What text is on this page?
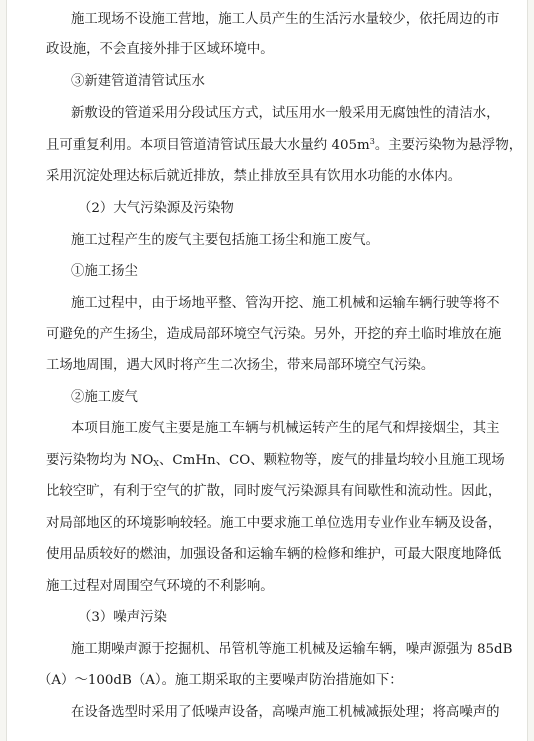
施工现场不设施工营地，施工人员产生的生活污水量较少，依托周边的市
政设施，不会直接外排于区域环境中。
③新建管道清管试压水
新敷设的管道采用分段试压方式，试压用水一般采用无腐蚀性的清洁水，
且可重复利用。本项目管道清管试压最大水量约 $405m^3$。主要污染物为悬浮物，
采用沉淀处理达标后就近排放，禁止排放至具有饮用水功能的水体内。
（2）大气污染源及污染物
施工过程产生的废气主要包括施工扬尘和施工废气。
①施工扬尘
施工过程中，由于场地平整、管沟开挖、施工机械和运输车辆行驶等将不
可避免的产生扬尘，造成局部环境空气污染。另外，开挖的弃土临时堆放在施
工场地周围，遇大风时将产生二次扬尘，带来局部环境空气污染。
②施工废气
本项目施工废气主要是施工车辆与机械运转产生的尾气和焊接烟尘，其主
要污染物均为 $NO_X$、CmHn、CO、颗粒物等，废气的排量均较小且施工现场
比较空旷，有利于空气的扩散，同时废气污染源具有间歇性和流动性。因此，
对局部地区的环境影响较轻。施工中要求施工单位选用专业作业车辆及设备，
使用品质较好的燃油，加强设备和运输车辆的检修和维护，可最大限度地降低
施工过程对周围空气环境的不利影响。
（3）噪声污染
施工期噪声源于挖掘机、吊管机等施工机械及运输车辆，噪声源强为 85dB
（A）～100dB（A）。施工期采取的主要噪声防治措施如下：
在设备选型时采用了低噪声设备，高噪声施工机械减振处理；将高噪声的
